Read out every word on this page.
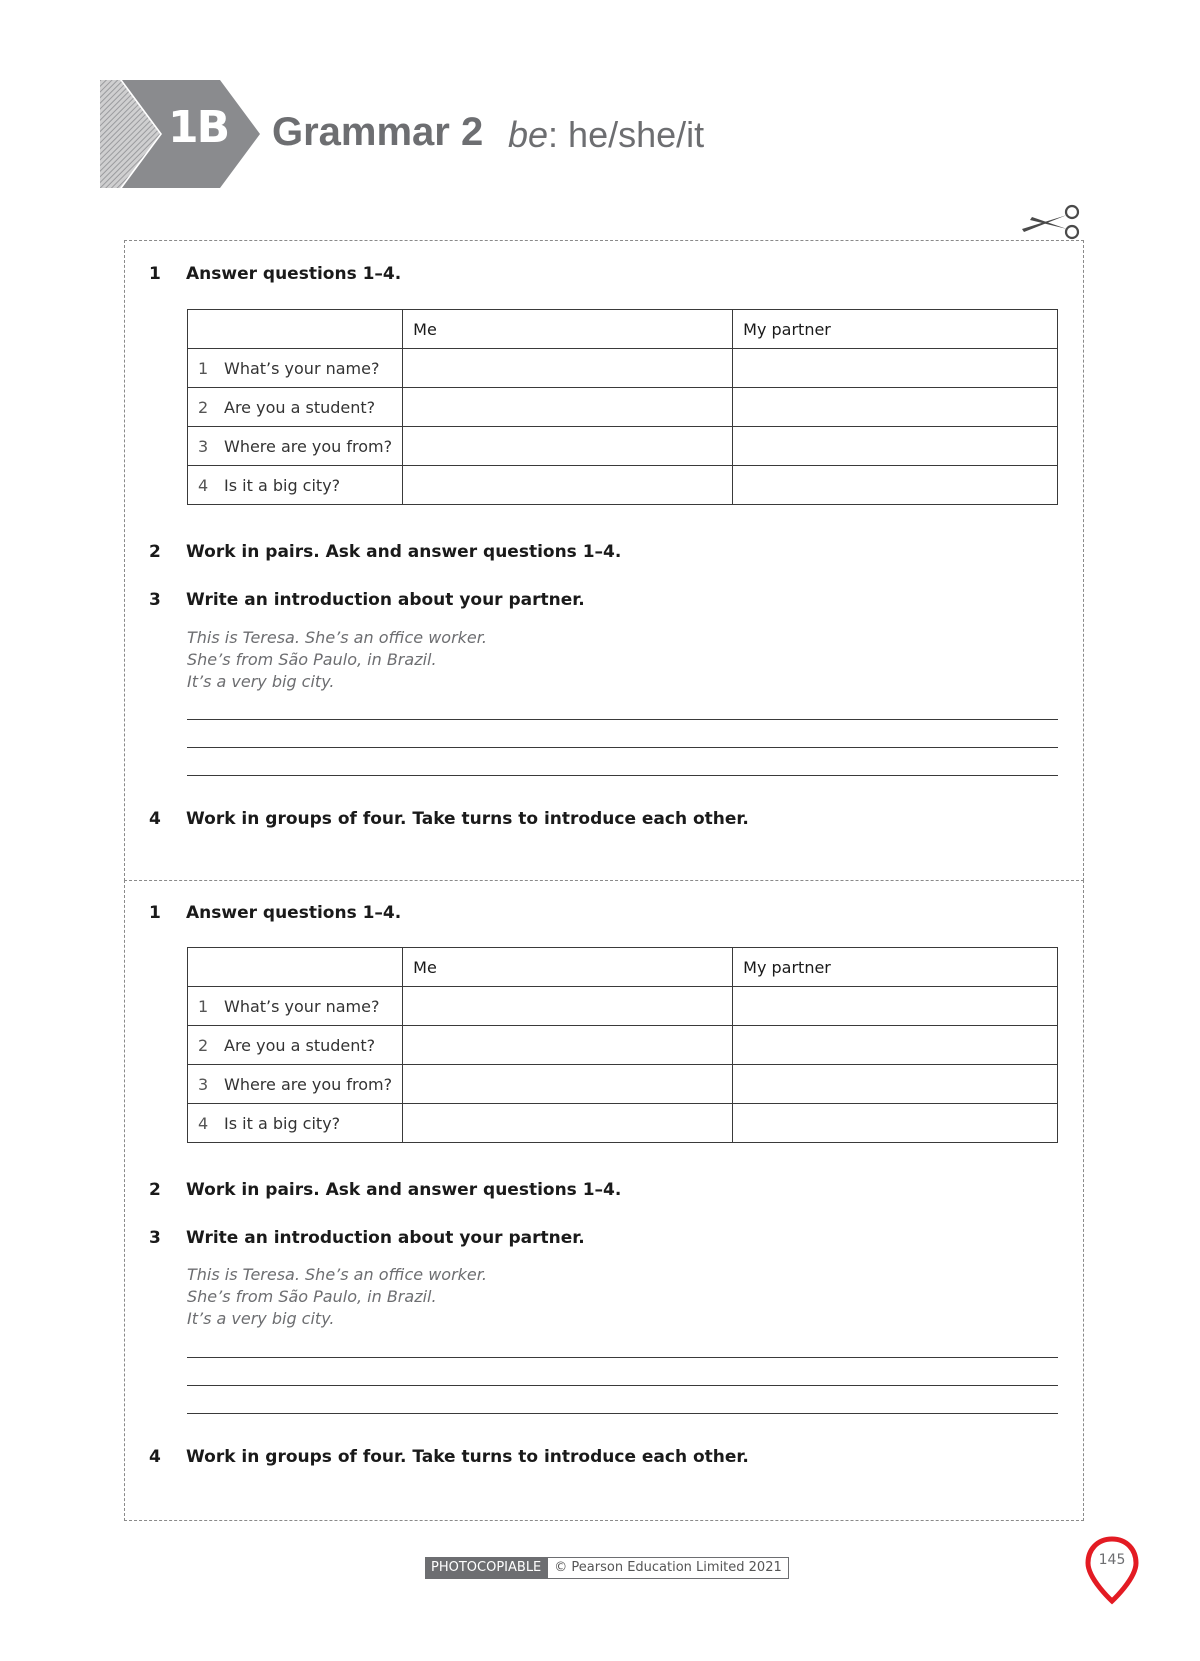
1B Grammar 2 be: he/she/it
1	Answer questions 1–4.
	Me	My partner
1 What’s your name?		
2 Are you a student?		
3 Where are you from?		
4 Is it a big city?		
2	Work in pairs. Ask and answer questions 1–4.
3	Write an introduction about your partner.
This is Teresa. She’s an office worker.
She’s from São Paulo, in Brazil.
It’s a very big city.
4	Work in groups of four. Take turns to introduce each other.
1	Answer questions 1–4.
	Me	My partner
1 What’s your name?		
2 Are you a student?		
3 Where are you from?		
4 Is it a big city?		
2	Work in pairs. Ask and answer questions 1–4.
3	Write an introduction about your partner.
This is Teresa. She’s an office worker.
She’s from São Paulo, in Brazil.
It’s a very big city.
4	Work in groups of four. Take turns to introduce each other.
PHOTOCOPIABLE	© Pearson Education Limited 2021	145
